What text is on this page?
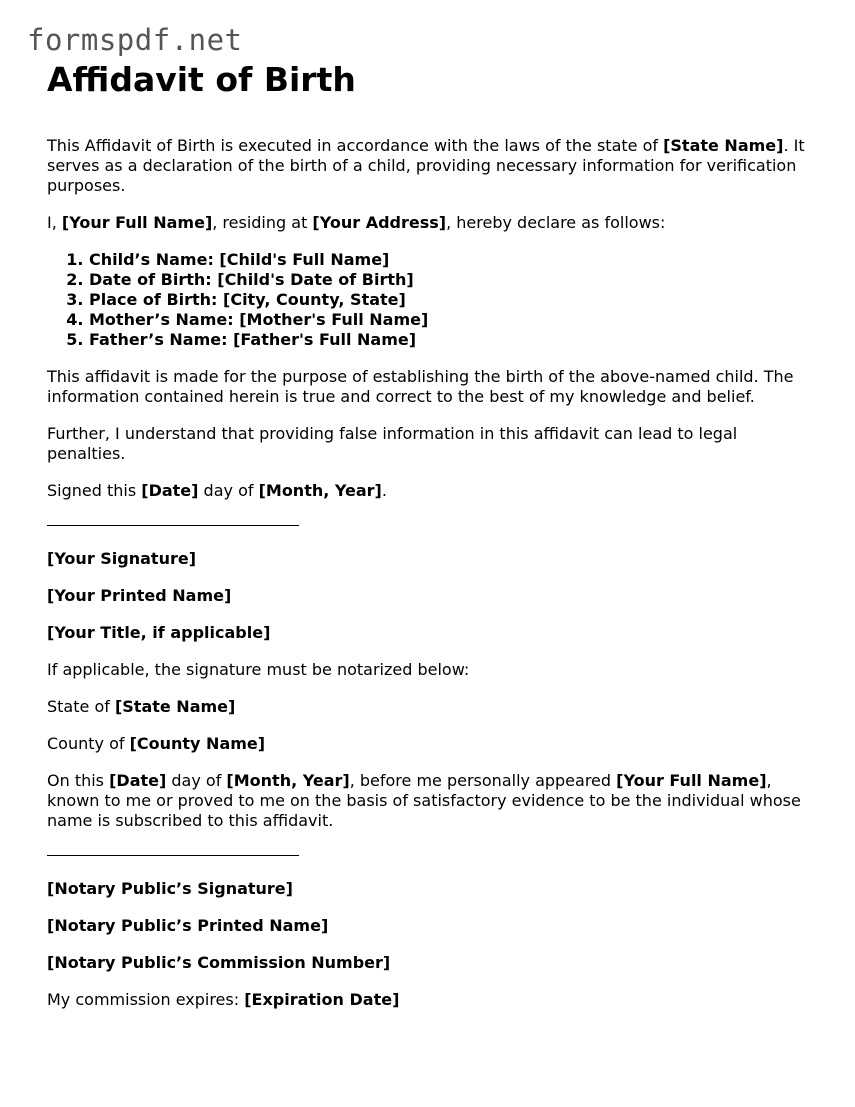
formspdf.net
Affidavit of Birth

This Affidavit of Birth is executed in accordance with the laws of the state of [State Name]. It serves as a declaration of the birth of a child, providing necessary information for verification purposes.

I, [Your Full Name], residing at [Your Address], hereby declare as follows:

1. Child’s Name: [Child's Full Name]
2. Date of Birth: [Child's Date of Birth]
3. Place of Birth: [City, County, State]
4. Mother’s Name: [Mother's Full Name]
5. Father’s Name: [Father's Full Name]

This affidavit is made for the purpose of establishing the birth of the above-named child. The information contained herein is true and correct to the best of my knowledge and belief.

Further, I understand that providing false information in this affidavit can lead to legal penalties.

Signed this [Date] day of [Month, Year].

[Your Signature]

[Your Printed Name]

[Your Title, if applicable]

If applicable, the signature must be notarized below:

State of [State Name]

County of [County Name]

On this [Date] day of [Month, Year], before me personally appeared [Your Full Name], known to me or proved to me on the basis of satisfactory evidence to be the individual whose name is subscribed to this affidavit.

[Notary Public’s Signature]

[Notary Public’s Printed Name]

[Notary Public’s Commission Number]

My commission expires: [Expiration Date]
